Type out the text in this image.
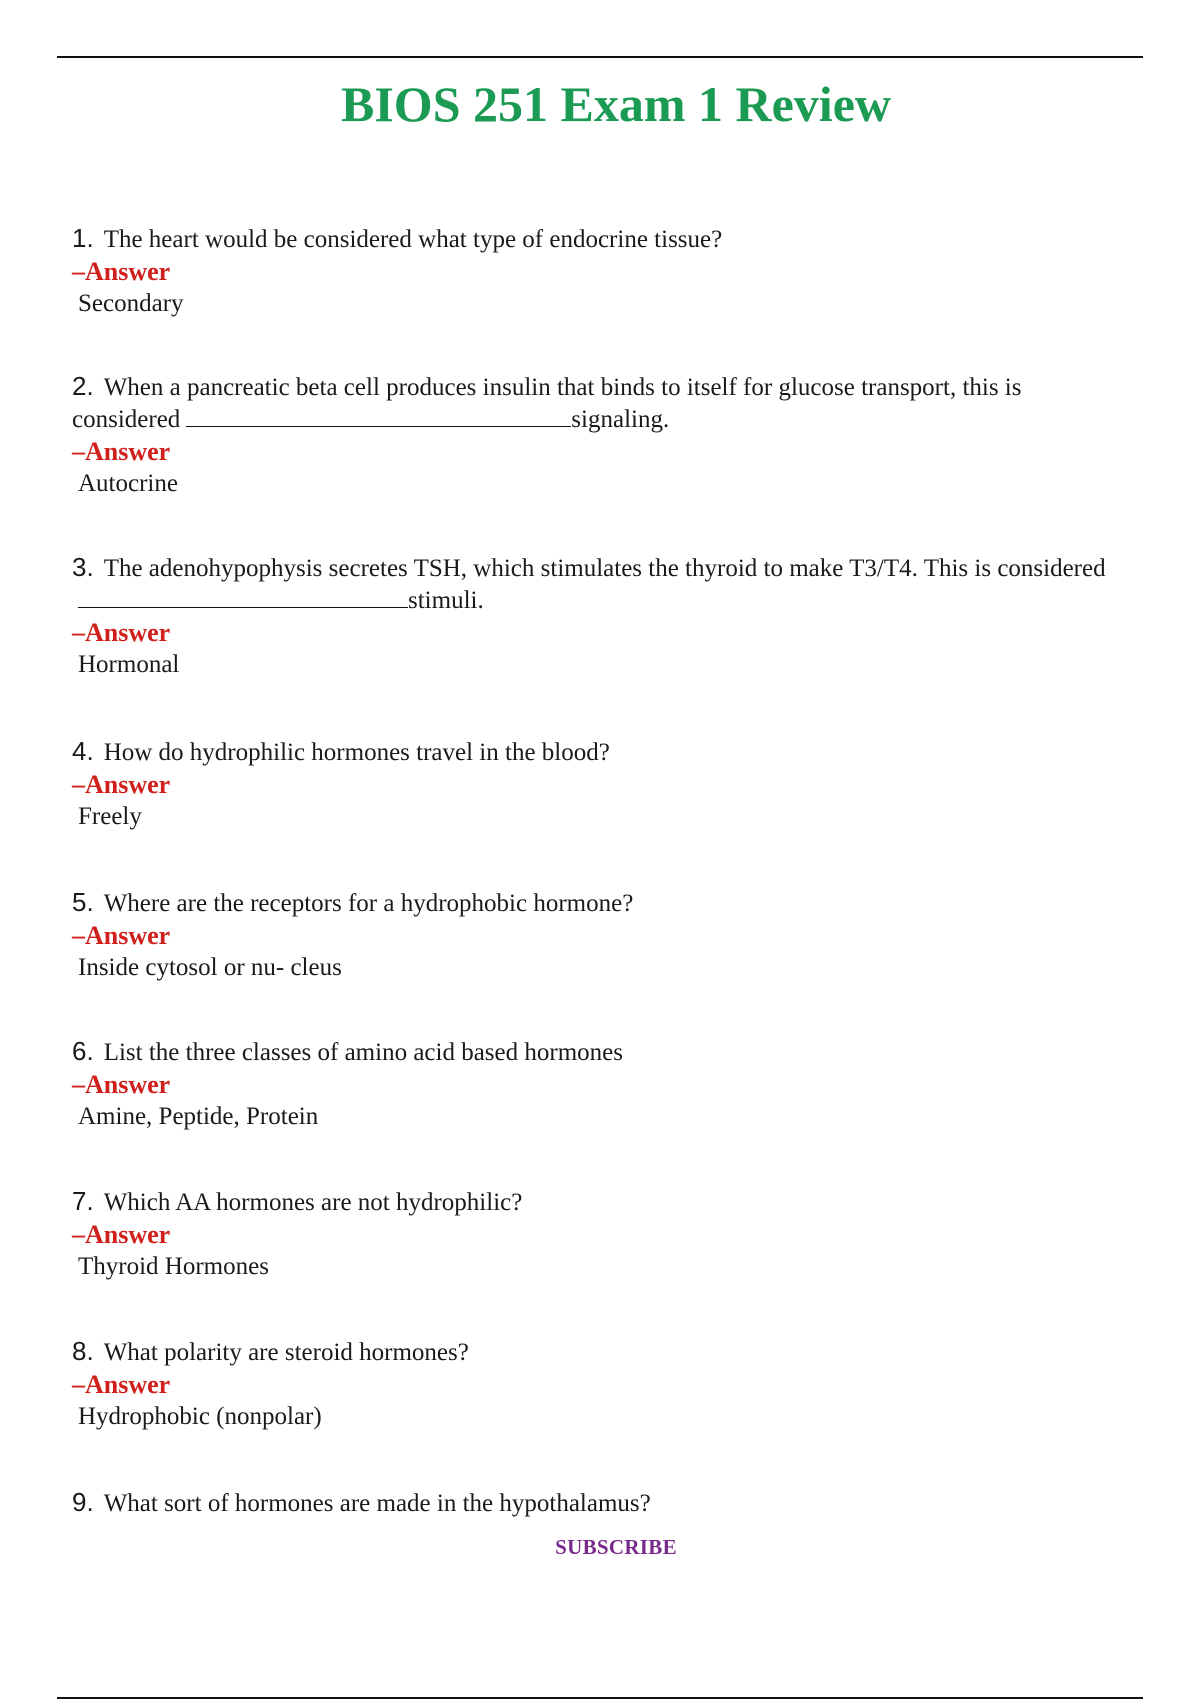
BIOS 251 Exam 1 Review

1. The heart would be considered what type of endocrine tissue?

–Answer

Secondary

2. When a pancreatic beta cell produces insulin that binds to itself for glucose transport, this is considered	signaling.

–Answer

Autocrine

3. The adenohypophysis secretes TSH, which stimulates the thyroid to make T3/T4. This is consideredstimuli.

–Answer

Hormonal

4. How do hydrophilic hormones travel in the blood?

–Answer

Freely

5. Where are the receptors for a hydrophobic hormone?

–Answer

Inside cytosol or nu- cleus

6. List the three classes of amino acid based hormones

–Answer

Amine, Peptide, Protein

7. Which AA hormones are not hydrophilic?

–Answer

Thyroid Hormones

8. What polarity are steroid hormones?

–Answer

Hydrophobic (nonpolar)

9. What sort of hormones are made in the hypothalamus?

SUBSCRIBE
